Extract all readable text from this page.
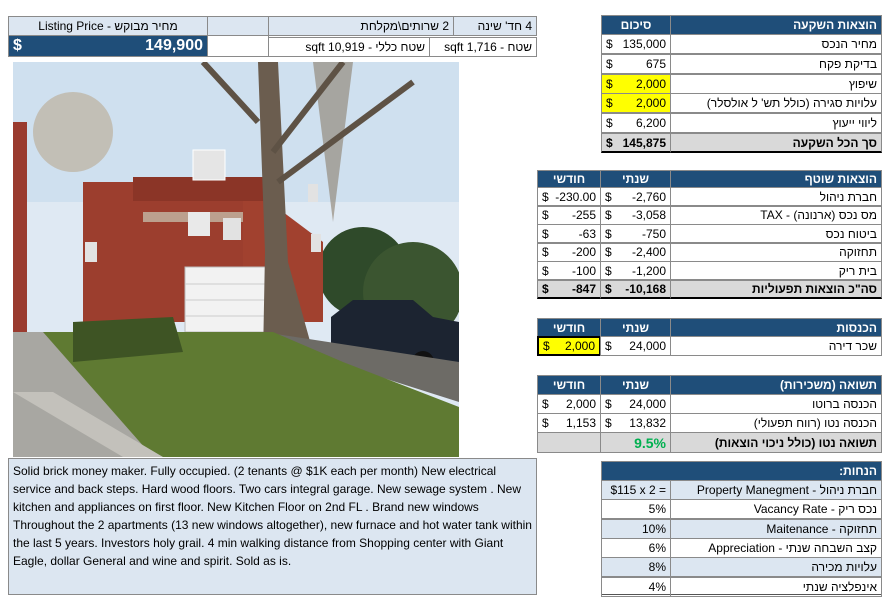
Listing Price - מחיר מבוקש	2 שרותים\מקלחת	4 חד' שינה
$	149,900	שטח כללי - sqft 10,919	שטח - sqft 1,716
Solid brick money maker. Fully occupied. (2 tenants @ $1K each per month) New electrical service and back steps. Hard wood floors. Two cars integral garage. New sewage system . New kitchen and appliances on first floor. New Kitchen Floor on 2nd FL . Brand new windows Throughout the 2 apartments (13 new windows altogether), new furnace and hot water tank within the last 5 years. Investors holy grail. 4 min walking distance from Shopping center with Giant Eagle, dollar General and wine and spirit. Sold as is.
סיכום	הוצאות השקעה
$ 135,000	מחיר הנכס
$	675	בדיקת פקח
$ 2,000	שיפוץ
$ 2,000	עלויות סגירה (כולל תש' ל אולסלר)
$ 6,200	ליווי ייעוץ
$ 145,875	סך הכל השקעה
חודשי	שנתי	הוצאות שוטף
$ -230.00 $ -2,760	חברת ניהול
$ -255 $ -3,058	מס נכס (ארנונה) - TAX
$ -63 $	-750	ביטוח נכס
$ -200 $ -2,400	תחזוקה
$ -100 $ -1,200	בית ריק
$ -847 $ -10,168	סה"כ הוצאות תפעוליות
חודשי	שנתי	הכנסות
$ 2,000 $ 24,000	שכר דירה
חודשי	שנתי	תשואה (משכירות)
$ 2,000 $ 24,000	הכנסה ברוטו
$ 1,153 $ 13,832	הכנסה נטו (רווח תפעולי)
9.5%	תשואה נטו (כולל ניכוי הוצאות)
הנחות:
$115 x 2 =	חברת ניהול - Property Manegment
5%	נכס ריק - Vacancy Rate
10%	תחזוקה - Maitenance
6%	קצב השבחה שנתי - Appreciation
8%	עלויות מכירה
4%	אינפלציה שנתי
